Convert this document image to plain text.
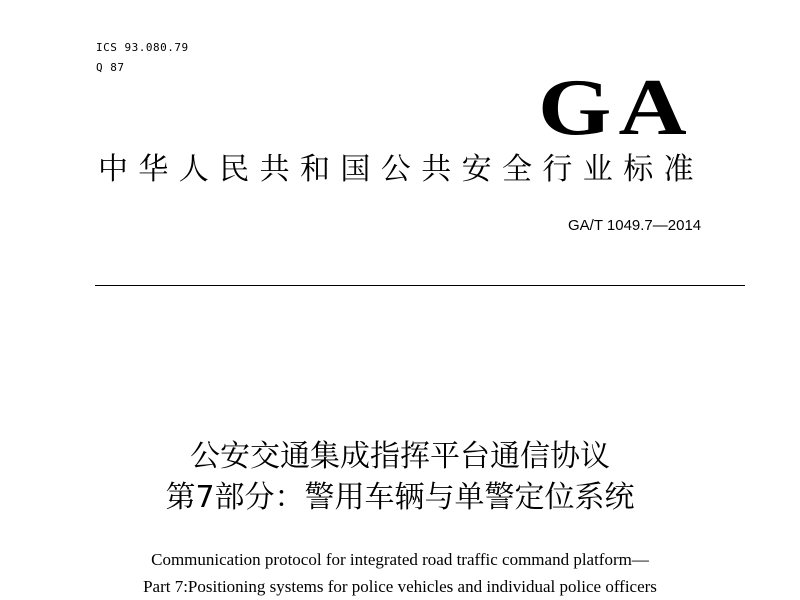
ICS 93.080.79
Q 87	GA
中华人民共和国公共安全行业标准
GA/T 1049.7—2014
公安交通集成指挥平台通信协议
第7部分：警用车辆与单警定位系统
Communication protocol for integrated road traffic command platform—
Part 7:Positioning systems for police vehicles and individual police officers
